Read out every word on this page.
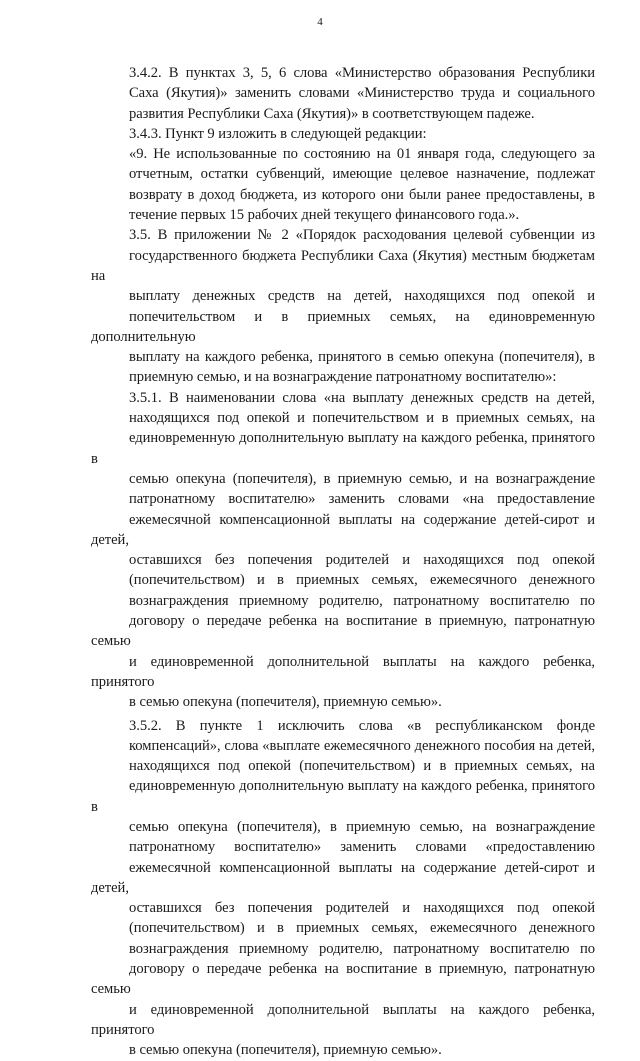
4

3.4.2. В пунктах 3, 5, 6 слова «Министерство образования Республики
Саха (Якутия)» заменить словами «Министерство труда и социального
развития Республики Саха (Якутия)» в соответствующем падеже.

3.4.3. Пункт 9 изложить в следующей редакции:

«9. Не использованные по состоянию на 01 января года, следующего за
отчетным, остатки субвенций, имеющие целевое назначение, подлежат
возврату в доход бюджета, из которого они были ранее предоставлены, в
течение первых 15 рабочих дней текущего финансового года.».

3.5. В приложении № 2 «Порядок расходования целевой субвенции из
государственного бюджета Республики Саха (Якутия) местным бюджетам на
выплату денежных средств на детей, находящихся под опекой и
попечительством и в приемных семьях, на единовременную дополнительную
выплату на каждого ребенка, принятого в семью опекуна (попечителя), в
приемную семью, и на вознаграждение патронатному воспитателю»:

3.5.1. В наименовании слова «на выплату денежных средств на детей,
находящихся под опекой и попечительством и в приемных семьях, на
единовременную дополнительную выплату на каждого ребенка, принятого в
семью опекуна (попечителя), в приемную семью, и на вознаграждение
патронатному воспитателю» заменить словами «на предоставление
ежемесячной компенсационной выплаты на содержание детей-сирот и детей,
оставшихся без попечения родителей и находящихся под опекой
(попечительством) и в приемных семьях, ежемесячного денежного
вознаграждения приемному родителю, патронатному воспитателю по
договору о передаче ребенка на воспитание в приемную, патронатную семью
и единовременной дополнительной выплаты на каждого ребенка, принятого
в семью опекуна (попечителя), приемную семью».

3.5.2. В пункте 1 исключить слова «в республиканском фонде
компенсаций», слова «выплате ежемесячного денежного пособия на детей,
находящихся под опекой (попечительством) и в приемных семьях, на
единовременную дополнительную выплату на каждого ребенка, принятого в
семью опекуна (попечителя), в приемную семью, на вознаграждение
патронатному воспитателю» заменить словами «предоставлению
ежемесячной компенсационной выплаты на содержание детей-сирот и детей,
оставшихся без попечения родителей и находящихся под опекой
(попечительством) и в приемных семьях, ежемесячного денежного
вознаграждения приемному родителю, патронатному воспитателю по
договору о передаче ребенка на воспитание в приемную, патронатную семью
и единовременной дополнительной выплаты на каждого ребенка, принятого
в семью опекуна (попечителя), приемную семью».
